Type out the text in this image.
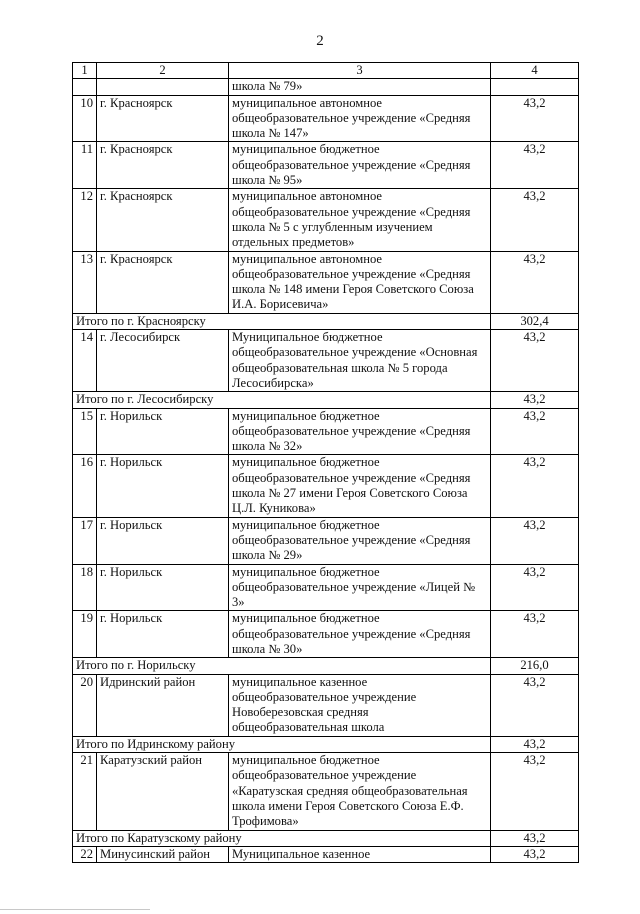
2
1	2	3	4
		школа № 79»	
10	г. Красноярск	муниципальное автономное общеобразовательное учреждение «Средняя школа № 147»	43,2
11	г. Красноярск	муниципальное бюджетное общеобразовательное учреждение «Средняя школа № 95»	43,2
12	г. Красноярск	муниципальное автономное общеобразовательное учреждение «Средняя школа № 5 с углубленным изучением отдельных предметов»	43,2
13	г. Красноярск	муниципальное автономное общеобразовательное учреждение «Средняя школа № 148 имени Героя Советского Союза И.А. Борисевича»	43,2
Итого по г. Красноярску			302,4
14	г. Лесосибирск	Муниципальное бюджетное общеобразовательное учреждение «Основная общеобразовательная школа № 5 города Лесосибирска»	43,2
Итого по г. Лесосибирску			43,2
15	г. Норильск	муниципальное бюджетное общеобразовательное учреждение «Средняя школа № 32»	43,2
16	г. Норильск	муниципальное бюджетное общеобразовательное учреждение «Средняя школа № 27 имени Героя Советского Союза Ц.Л. Куникова»	43,2
17	г. Норильск	муниципальное бюджетное общеобразовательное учреждение «Средняя школа № 29»	43,2
18	г. Норильск	муниципальное бюджетное общеобразовательное учреждение «Лицей № 3»	43,2
19	г. Норильск	муниципальное бюджетное общеобразовательное учреждение «Средняя школа № 30»	43,2
Итого по г. Норильску			216,0
20	Идринский район	муниципальное казенное общеобразовательное учреждение Новоберезовская средняя общеобразовательная школа	43,2
Итого по Идринскому району			43,2
21	Каратузский район	муниципальное бюджетное общеобразовательное учреждение «Каратузская средняя общеобразовательная школа имени Героя Советского Союза Е.Ф. Трофимова»	43,2
Итого по Каратузскому району			43,2
22	Минусинский район	Муниципальное казенное	43,2
